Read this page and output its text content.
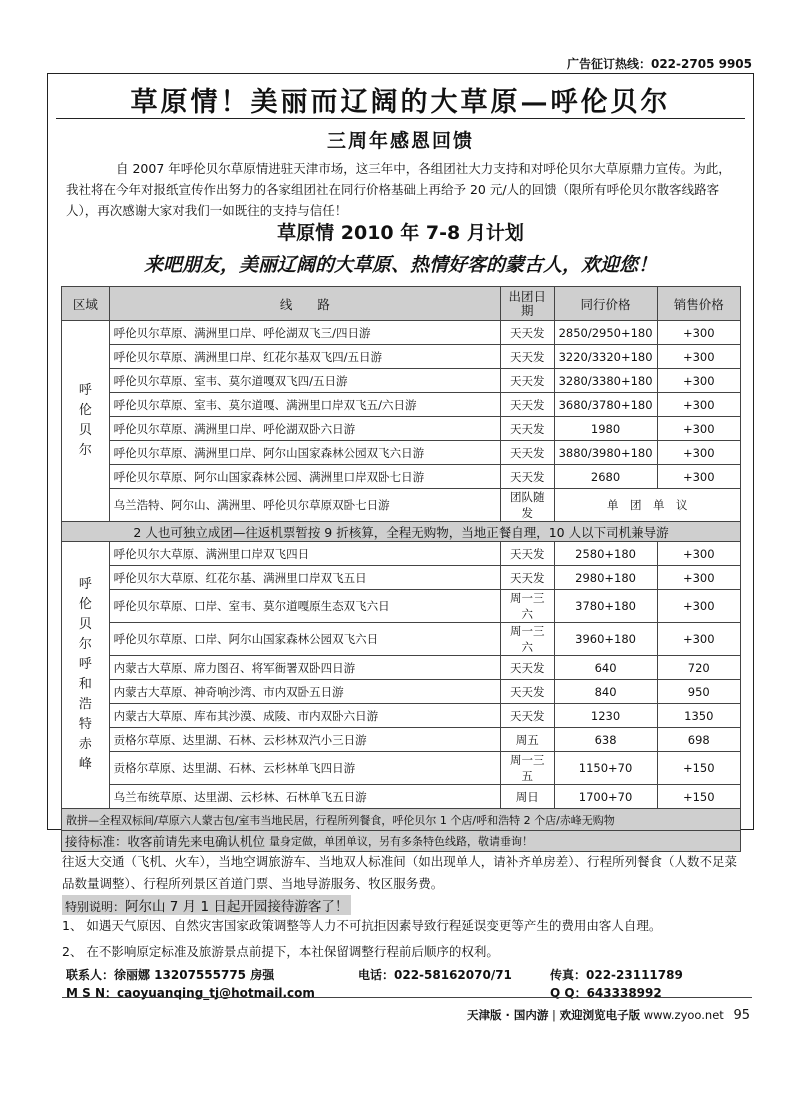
广告征订热线：022-2705 9905
草原情！美丽而辽阔的大草原—呼伦贝尔
三周年感恩回馈
自 2007 年呼伦贝尔草原情进驻天津市场，这三年中，各组团社大力支持和对呼伦贝尔大草原鼎力宣传。为此，我社将在今年对报纸宣传作出努力的各家组团社在同行价格基础上再给予 20 元/人的回馈（限所有呼伦贝尔散客线路客人），再次感谢大家对我们一如既往的支持与信任！
草原情 2010 年 7-8 月计划
来吧朋友，美丽辽阔的大草原、热情好客的蒙古人，欢迎您！
区域	线　　路	出团日期	同行价格	销售价格
呼伦贝尔	呼伦贝尔草原、满洲里口岸、呼伦湖双飞三/四日游	天天发	2850/2950+180	+300
	呼伦贝尔草原、满洲里口岸、红花尔基双飞四/五日游	天天发	3220/3320+180	+300
	呼伦贝尔草原、室韦、莫尔道嘎双飞四/五日游	天天发	3280/3380+180	+300
	呼伦贝尔草原、室韦、莫尔道嘎、满洲里口岸双飞五/六日游	天天发	3680/3780+180	+300
	呼伦贝尔草原、满洲里口岸、呼伦湖双卧六日游	天天发	1980	+300
	呼伦贝尔草原、满洲里口岸、阿尔山国家森林公园双飞六日游	天天发	3880/3980+180	+300
	呼伦贝尔草原、阿尔山国家森林公园、满洲里口岸双卧七日游	天天发	2680	+300
	乌兰浩特、阿尔山、满洲里、呼伦贝尔草原双卧七日游	团队随发	单　团　单　议	
2 人也可独立成团—往返机票暂按 9 折核算，全程无购物，当地正餐自理，10 人以下司机兼导游				
呼伦贝尔 呼和浩特 赤峰	呼伦贝尔大草原、满洲里口岸双飞四日	天天发	2580+180	+300
	呼伦贝尔大草原、红花尔基、满洲里口岸双飞五日	天天发	2980+180	+300
	呼伦贝尔草原、口岸、室韦、莫尔道嘎原生态双飞六日	周一三六	3780+180	+300
	呼伦贝尔草原、口岸、阿尔山国家森林公园双飞六日	周一三六	3960+180	+300
	内蒙古大草原、席力图召、将军衙署双卧四日游	天天发	640	720
	内蒙古大草原、神奇响沙湾、市内双卧五日游	天天发	840	950
	内蒙古大草原、库布其沙漠、成陵、市内双卧六日游	天天发	1230	1350
	贡格尔草原、达里湖、石林、云杉林双汽小三日游	周五	638	698
	贡格尔草原、达里湖、石林、云杉林单飞四日游	周一三五	1150+70	+150
	乌兰布统草原、达里湖、云杉林、石林单飞五日游	周日	1700+70	+150
散拼—全程双标间/草原六人蒙古包/室韦当地民居，行程所列餐食，呼伦贝尔 1 个店/呼和浩特 2 个店/赤峰无购物				
量身定做，单团单议，另有多条特色线路，敬请垂询！				
接待标准：收客前请先来电确认机位
往返大交通（飞机、火车），当地空调旅游车、当地双人标准间（如出现单人，请补齐单房差）、行程所列餐食（人数不足菜品数量调整）、行程所列景区首道门票、当地导游服务、牧区服务费。
特别说明：阿尔山 7 月 1 日起开园接待游客了！
1、 如遇天气原因、自然灾害国家政策调整等人力不可抗拒因素导致行程延误变更等产生的费用由客人自理。
2、 在不影响原定标准及旅游景点前提下，本社保留调整行程前后顺序的权利。
联系人：徐丽娜 13207555775 房强	电话：022-58162070/71	传真：022-23111789
M S N：caoyuanqing_tj@hotmail.com	Q Q：643338992
天津版 · 国内游 | 欢迎浏览电子版 www.zyoo.net 95
